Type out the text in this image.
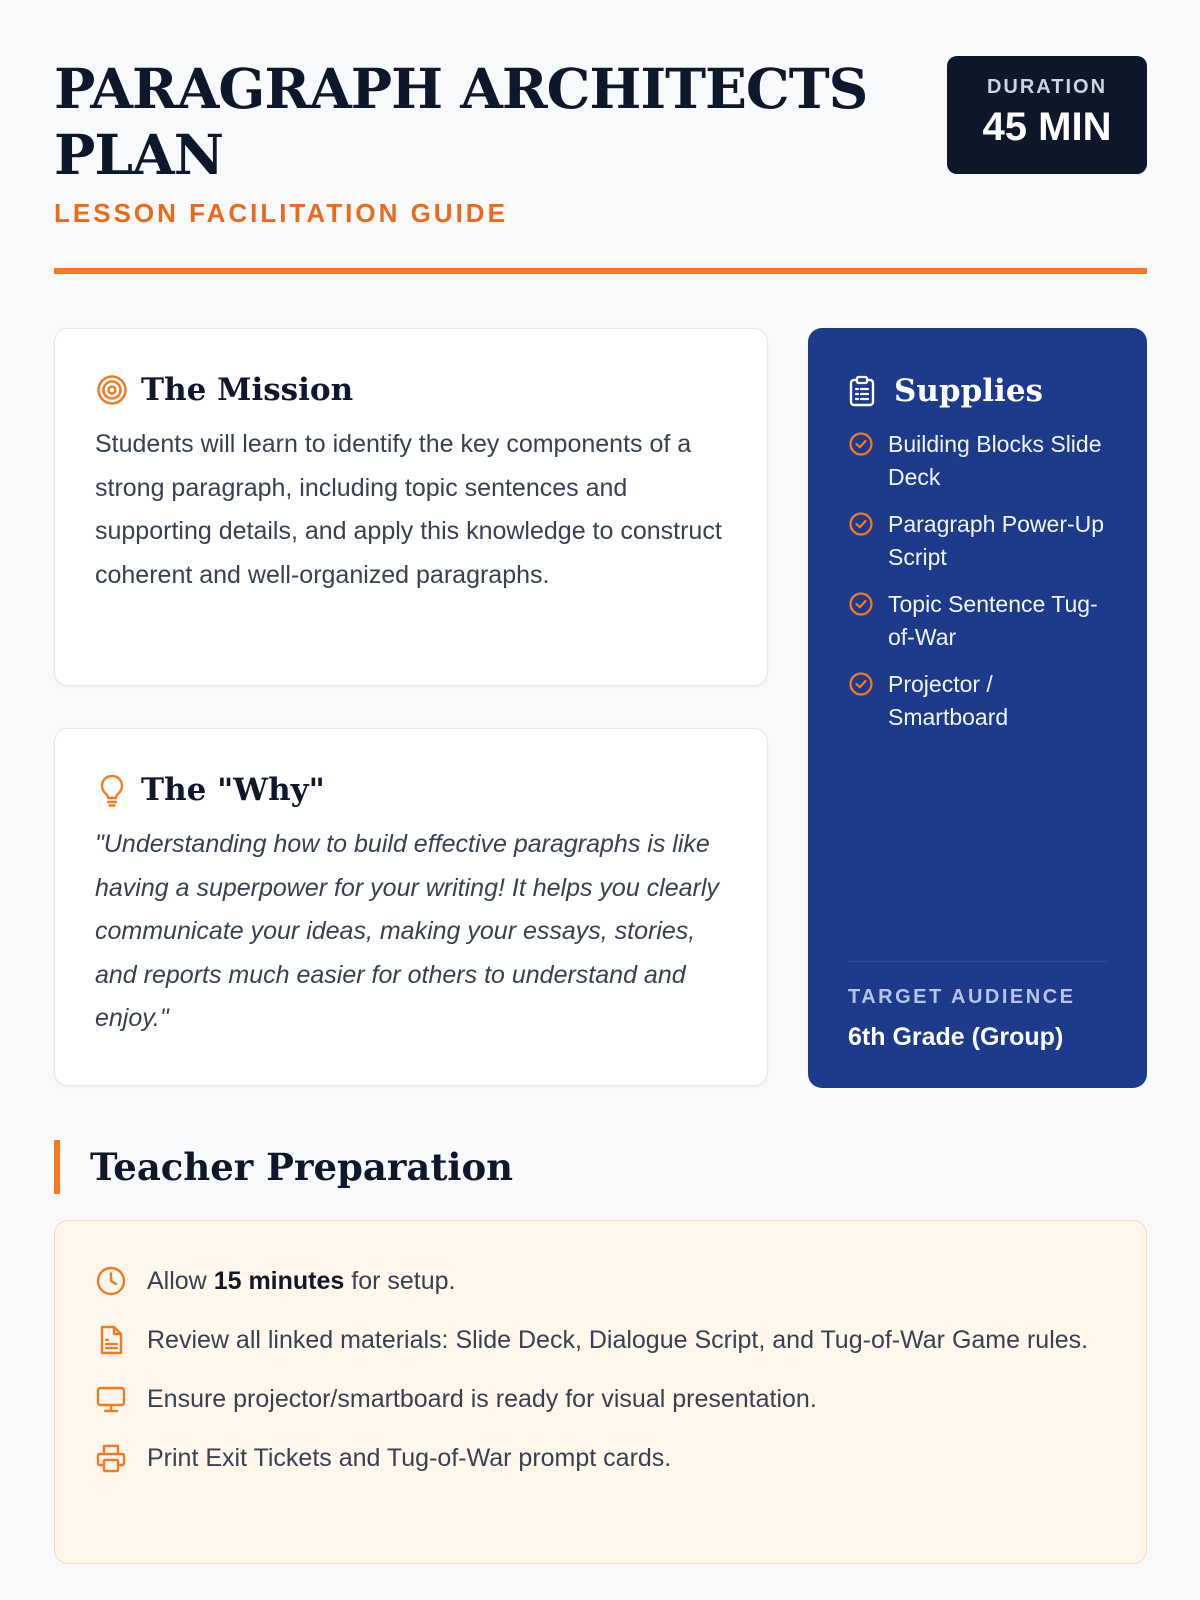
PARAGRAPH ARCHITECTS
PLAN
LESSON FACILITATION GUIDE
DURATION
45 MIN
The Mission

Students will learn to identify the key components of a strong paragraph, including topic sentences and supporting details, and apply this knowledge to construct coherent and well-organized paragraphs.

The "Why"

"Understanding how to build effective paragraphs is like having a superpower for your writing! It helps you clearly communicate your ideas, making your essays, stories, and reports much easier for others to understand and enjoy."

Supplies
Building Blocks Slide Deck
Paragraph Power-Up Script
Topic Sentence Tug-of-War
Projector / Smartboard
TARGET AUDIENCE
6th Grade (Group)
Teacher Preparation
Allow 15 minutes for setup.
Review all linked materials: Slide Deck, Dialogue Script, and Tug-of-War Game rules.
Ensure projector/smartboard is ready for visual presentation.
Print Exit Tickets and Tug-of-War prompt cards.
